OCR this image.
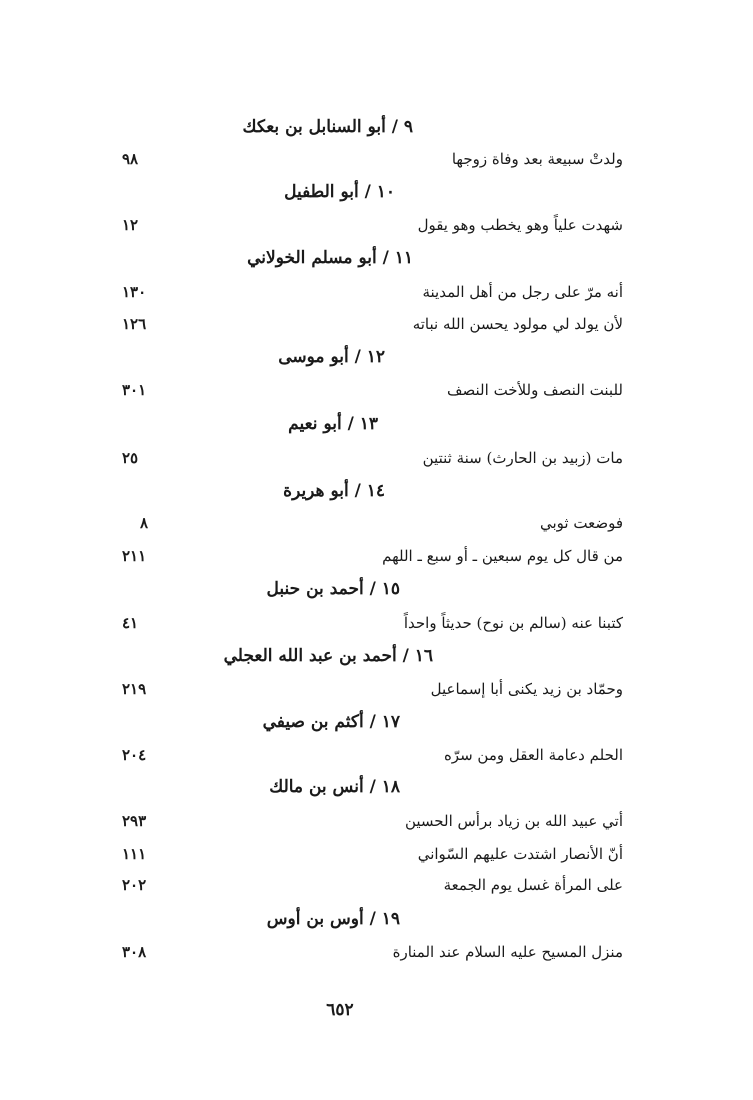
٩ / أبو السنابل بن بعكك
ولدتْ سبيعة بعد وفاة زوجها
٩٨
١٠ / أبو الطفيل
شهدت علياً وهو يخطب وهو يقول
١٢
١١ / أبو مسلم الخولاني
أنه مرّ على رجل من أهل المدينة
١٣٠
لأن يولد لي مولود يحسن الله نباته
١٢٦
١٢ / أبو موسى
للبنت النصف وللأخت النصف
٣٠١
١٣ / أبو نعيم
مات (زبيد بن الحارث) سنة ثنتين
٢٥
١٤ / أبو هريرة
فوضعت ثوبي
٨
من قال كل يوم سبعين ـ أو سبع ـ اللهم
٢١١
١٥ / أحمد بن حنبل
كتبنا عنه (سالم بن نوح) حديثاً واحداً
٤١
١٦ / أحمد بن عبد الله العجلي
وحمّاد بن زيد يكنى أبا إسماعيل
٢١٩
١٧ / أكثم بن صيفي
الحلم دعامة العقل ومن سرّه
٢٠٤
١٨ / أنس بن مالك
أتي عبيد الله بن زياد برأس الحسين
٢٩٣
أنّ الأنصار اشتدت عليهم السّواني
١١١
على المرأة غسل يوم الجمعة
٢٠٢
١٩ / أوس بن أوس
منزل المسيح عليه السلام عند المنارة
٣٠٨
٦٥٢
